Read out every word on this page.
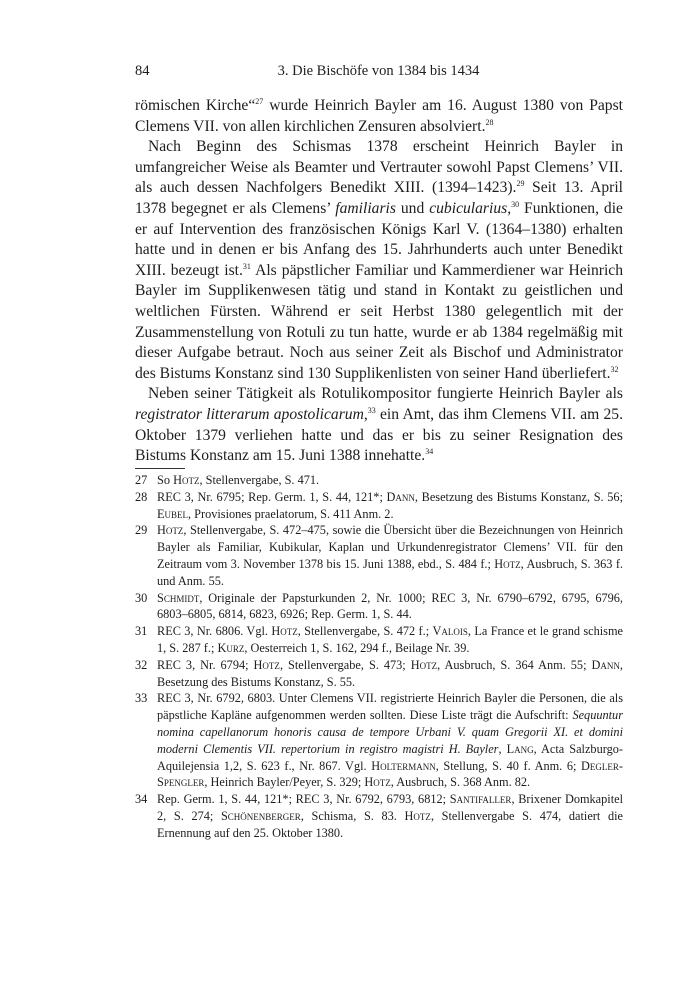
84	3. Die Bischöfe von 1384 bis 1434

römischen Kirche“$^{27}$ wurde Heinrich Bayler am 16. August 1380 von Papst Clemens VII. von allen kirchlichen Zensuren absolviert.$^{28}$

Nach Beginn des Schismas 1378 erscheint Heinrich Bayler in umfangreicher Weise als Beamter und Vertrauter sowohl Papst Clemens’ VII. als auch dessen Nachfolgers Benedikt XIII. (1394–1423).$^{29}$ Seit 13. April 1378 begegnet er als Clemens’ familiaris und cubicularius,$^{30}$ Funktionen, die er auf Intervention des französischen Königs Karl V. (1364–1380) erhalten hatte und in denen er bis Anfang des 15. Jahrhunderts auch unter Benedikt XIII. bezeugt ist.$^{31}$ Als päpstlicher Familiar und Kammerdiener war Heinrich Bayler im Supplikenwesen tätig und stand in Kontakt zu geistlichen und weltlichen Fürsten. Während er seit Herbst 1380 gelegentlich mit der Zusammenstellung von Rotuli zu tun hatte, wurde er ab 1384 regelmäßig mit dieser Aufgabe betraut. Noch aus seiner Zeit als Bischof und Administrator des Bistums Konstanz sind 130 Supplikenlisten von seiner Hand überliefert.$^{32}$

Neben seiner Tätigkeit als Rotulikompositor fungierte Heinrich Bayler als registrator litterarum apostolicarum,$^{33}$ ein Amt, das ihm Clemens VII. am 25. Oktober 1379 verliehen hatte und das er bis zu seiner Resignation des Bistums Konstanz am 15. Juni 1388 innehatte.$^{34}$

27 So Hotz, Stellenvergabe, S. 471.
28 REC 3, Nr. 6795; Rep. Germ. 1, S. 44, 121*; Dann, Besetzung des Bistums Konstanz, S. 56; Eubel, Provisiones praelatorum, S. 411 Anm. 2.
29 Hotz, Stellenvergabe, S. 472–475, sowie die Übersicht über die Bezeichnungen von Heinrich Bayler als Familiar, Kubikular, Kaplan und Urkundenregistrator Clemens’ VII. für den Zeitraum vom 3. November 1378 bis 15. Juni 1388, ebd., S. 484 f.; Hotz, Ausbruch, S. 363 f. und Anm. 55.
30 Schmidt, Originale der Papsturkunden 2, Nr. 1000; REC 3, Nr. 6790–6792, 6795, 6796, 6803–6805, 6814, 6823, 6926; Rep. Germ. 1, S. 44.
31 REC 3, Nr. 6806. Vgl. Hotz, Stellenvergabe, S. 472 f.; Valois, La France et le grand schisme 1, S. 287 f.; Kurz, Oesterreich 1, S. 162, 294 f., Beilage Nr. 39.
32 REC 3, Nr. 6794; Hotz, Stellenvergabe, S. 473; Hotz, Ausbruch, S. 364 Anm. 55; Dann, Besetzung des Bistums Konstanz, S. 55.
33 REC 3, Nr. 6792, 6803. Unter Clemens VII. registrierte Heinrich Bayler die Personen, die als päpstliche Kapläne aufgenommen werden sollten. Diese Liste trägt die Aufschrift: Sequuntur nomina capellanorum honoris causa de tempore Urbani V. quam Gregorii XI. et domini moderni Clementis VII. repertorium in registro magistri H. Bayler, Lang, Acta Salzburgo-Aquilejensia 1,2, S. 623 f., Nr. 867. Vgl. Holtermann, Stellung, S. 40 f. Anm. 6; Degler-Spengler, Heinrich Bayler/Peyer, S. 329; Hotz, Ausbruch, S. 368 Anm. 82.
34 Rep. Germ. 1, S. 44, 121*; REC 3, Nr. 6792, 6793, 6812; Santifaller, Brixener Domkapitel 2, S. 274; Schönenberger, Schisma, S. 83. Hotz, Stellenvergabe S. 474, datiert die Ernennung auf den 25. Oktober 1380.
